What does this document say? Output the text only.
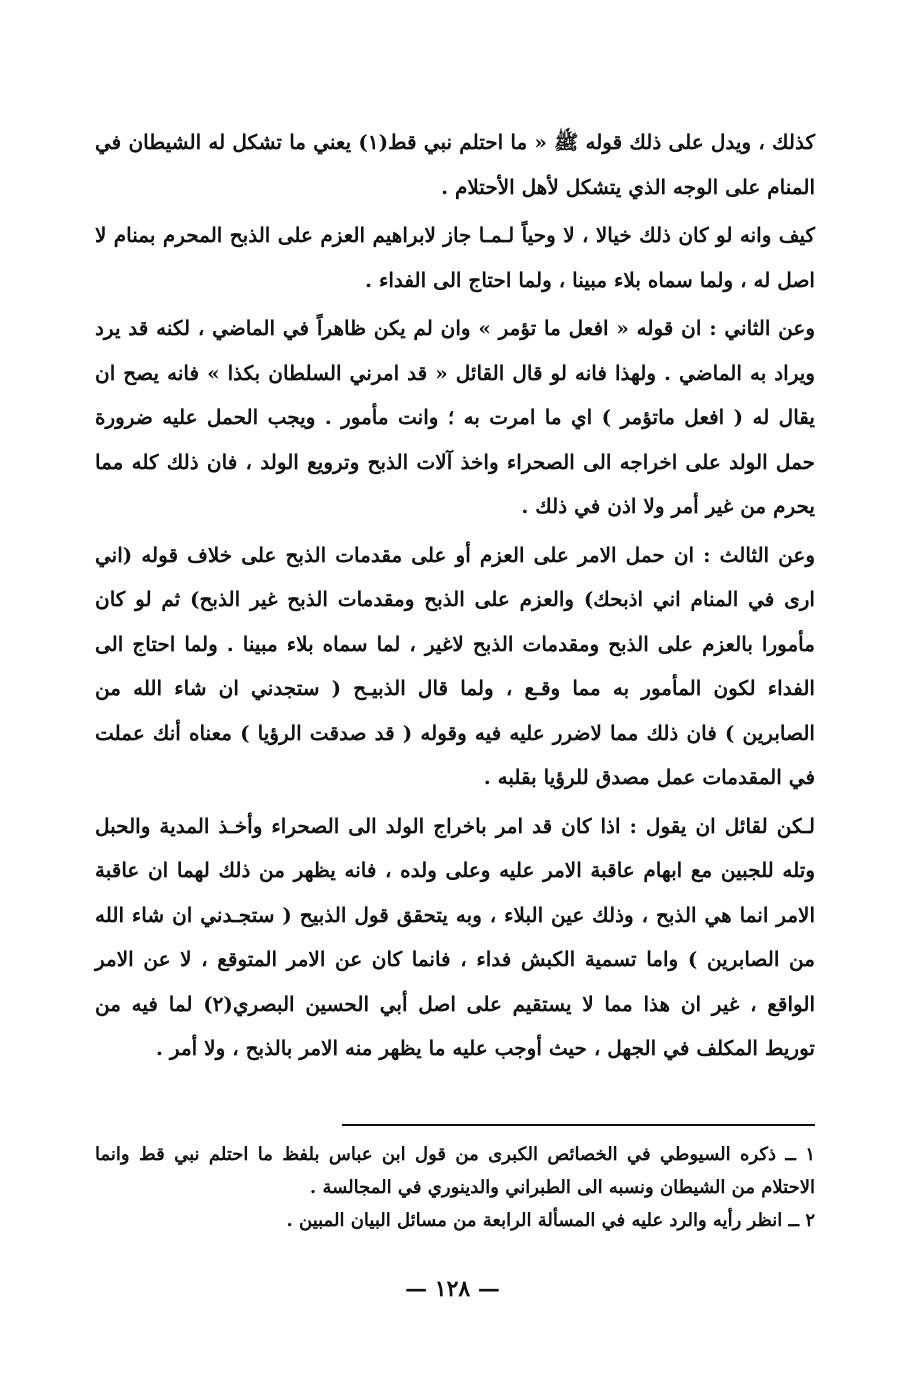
كذلك ، ويدل على ذلك قوله ﷺ « ما احتلم نبي قط(١) يعني ما تشكل له الشيطان في المنام على الوجه الذي يتشكل لأهل الأحتلام .

كيف وانه لو كان ذلك خيالا ، لا وحياً لـمـا جاز لابراهيم العزم على الذبح المحرم بمنام لا اصل له ، ولما سماه بلاء مبينا ، ولما احتاج الى الفداء .

وعن الثاني : ان قوله « افعل ما تؤمر » وان لم يكن ظاهراً في الماضي ، لكنه قد يرد ويراد به الماضي . ولهذا فانه لو قال القائل « قد امرني السلطان بكذا » فانه يصح ان يقال له ( افعل ماتؤمر ) اي ما امرت به ؛ وانت مأمور . ويجب الحمل عليه ضرورة حمل الولد على اخراجه الى الصحراء واخذ آلات الذبح وترويع الولد ، فان ذلك كله مما يحرم من غير أمر ولا اذن في ذلك .

وعن الثالث : ان حمل الامر على العزم أو على مقدمات الذبح على خلاف قوله (اني ارى في المنام اني اذبحك) والعزم على الذبح ومقدمات الذبح غير الذبح) ثم لو كان مأمورا بالعزم على الذبح ومقدمات الذبح لاغير ، لما سماه بلاء مبينا . ولما احتاج الى الفداء لكون المأمور به مما وقـع ، ولما قال الذبيـح ( ستجدني ان شاء الله من الصابرين ) فان ذلك مما لاضرر عليه فيه وقوله ( قد صدقت الرؤيا ) معناه أنك عملت في المقدمات عمل مصدق للرؤيا بقلبه .

لـكن لقائل ان يقول : اذا كان قد امر باخراج الولد الى الصحراء وأخـذ المدية والحبل وتله للجبين مع ابهام عاقبة الامر عليه وعلى ولده ، فانه يظهر من ذلك لهما ان عاقبة الامر انما هي الذبح ، وذلك عين البلاء ، وبه يتحقق قول الذبيح ( ستجـدني ان شاء الله من الصابرين ) واما تسمية الكبش فداء ، فانما كان عن الامر المتوقع ، لا عن الامر الواقع ، غير ان هذا مما لا يستقيم على اصل أبي الحسين البصري(٢) لما فيه من توريط المكلف في الجهل ، حيث أوجب عليه ما يظهر منه الامر بالذبح ، ولا أمر .

١ ــ ذكره السيوطي في الخصائص الكبرى من قول ابن عباس بلفظ ما احتلم نبي قط وانما الاحتلام من الشيطان ونسبه الى الطبراني والدينوري في المجالسة .

٢ ــ انظر رأيه والرد عليه في المسألة الرابعة من مسائل البيان المبين .

— ١٢٨ —
